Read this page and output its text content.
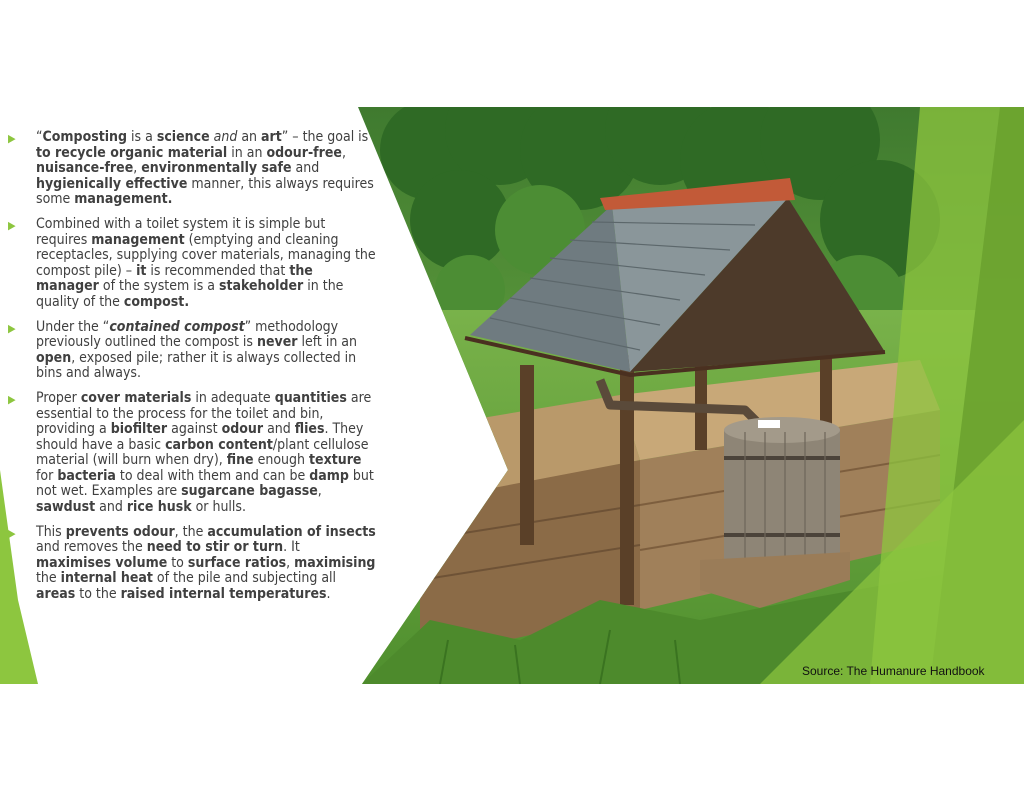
▶ “Composting is a science and an art” – the goal is to recycle organic material in an odour-free, nuisance-free, environmentally safe and hygienically effective manner, this always requires some management.
▶ Combined with a toilet system it is simple but requires management (emptying and cleaning receptacles, supplying cover materials, managing the compost pile) – it is recommended that the manager of the system is a stakeholder in the quality of the compost.
▶ Under the “contained compost” methodology previously outlined the compost is never left in an open, exposed pile; rather it is always collected in bins and always.
▶ Proper cover materials in adequate quantities are essential to the process for the toilet and bin, providing a biofilter against odour and flies. They should have a basic carbon content/plant cellulose material (will burn when dry), fine enough texture for bacteria to deal with them and can be damp but not wet. Examples are sugarcane bagasse, sawdust and rice husk or hulls.
▶ This prevents odour, the accumulation of insects and removes the need to stir or turn. It maximises volume to surface ratios, maximising the internal heat of the pile and subjecting all areas to the raised internal temperatures.
Source: The Humanure Handbook
